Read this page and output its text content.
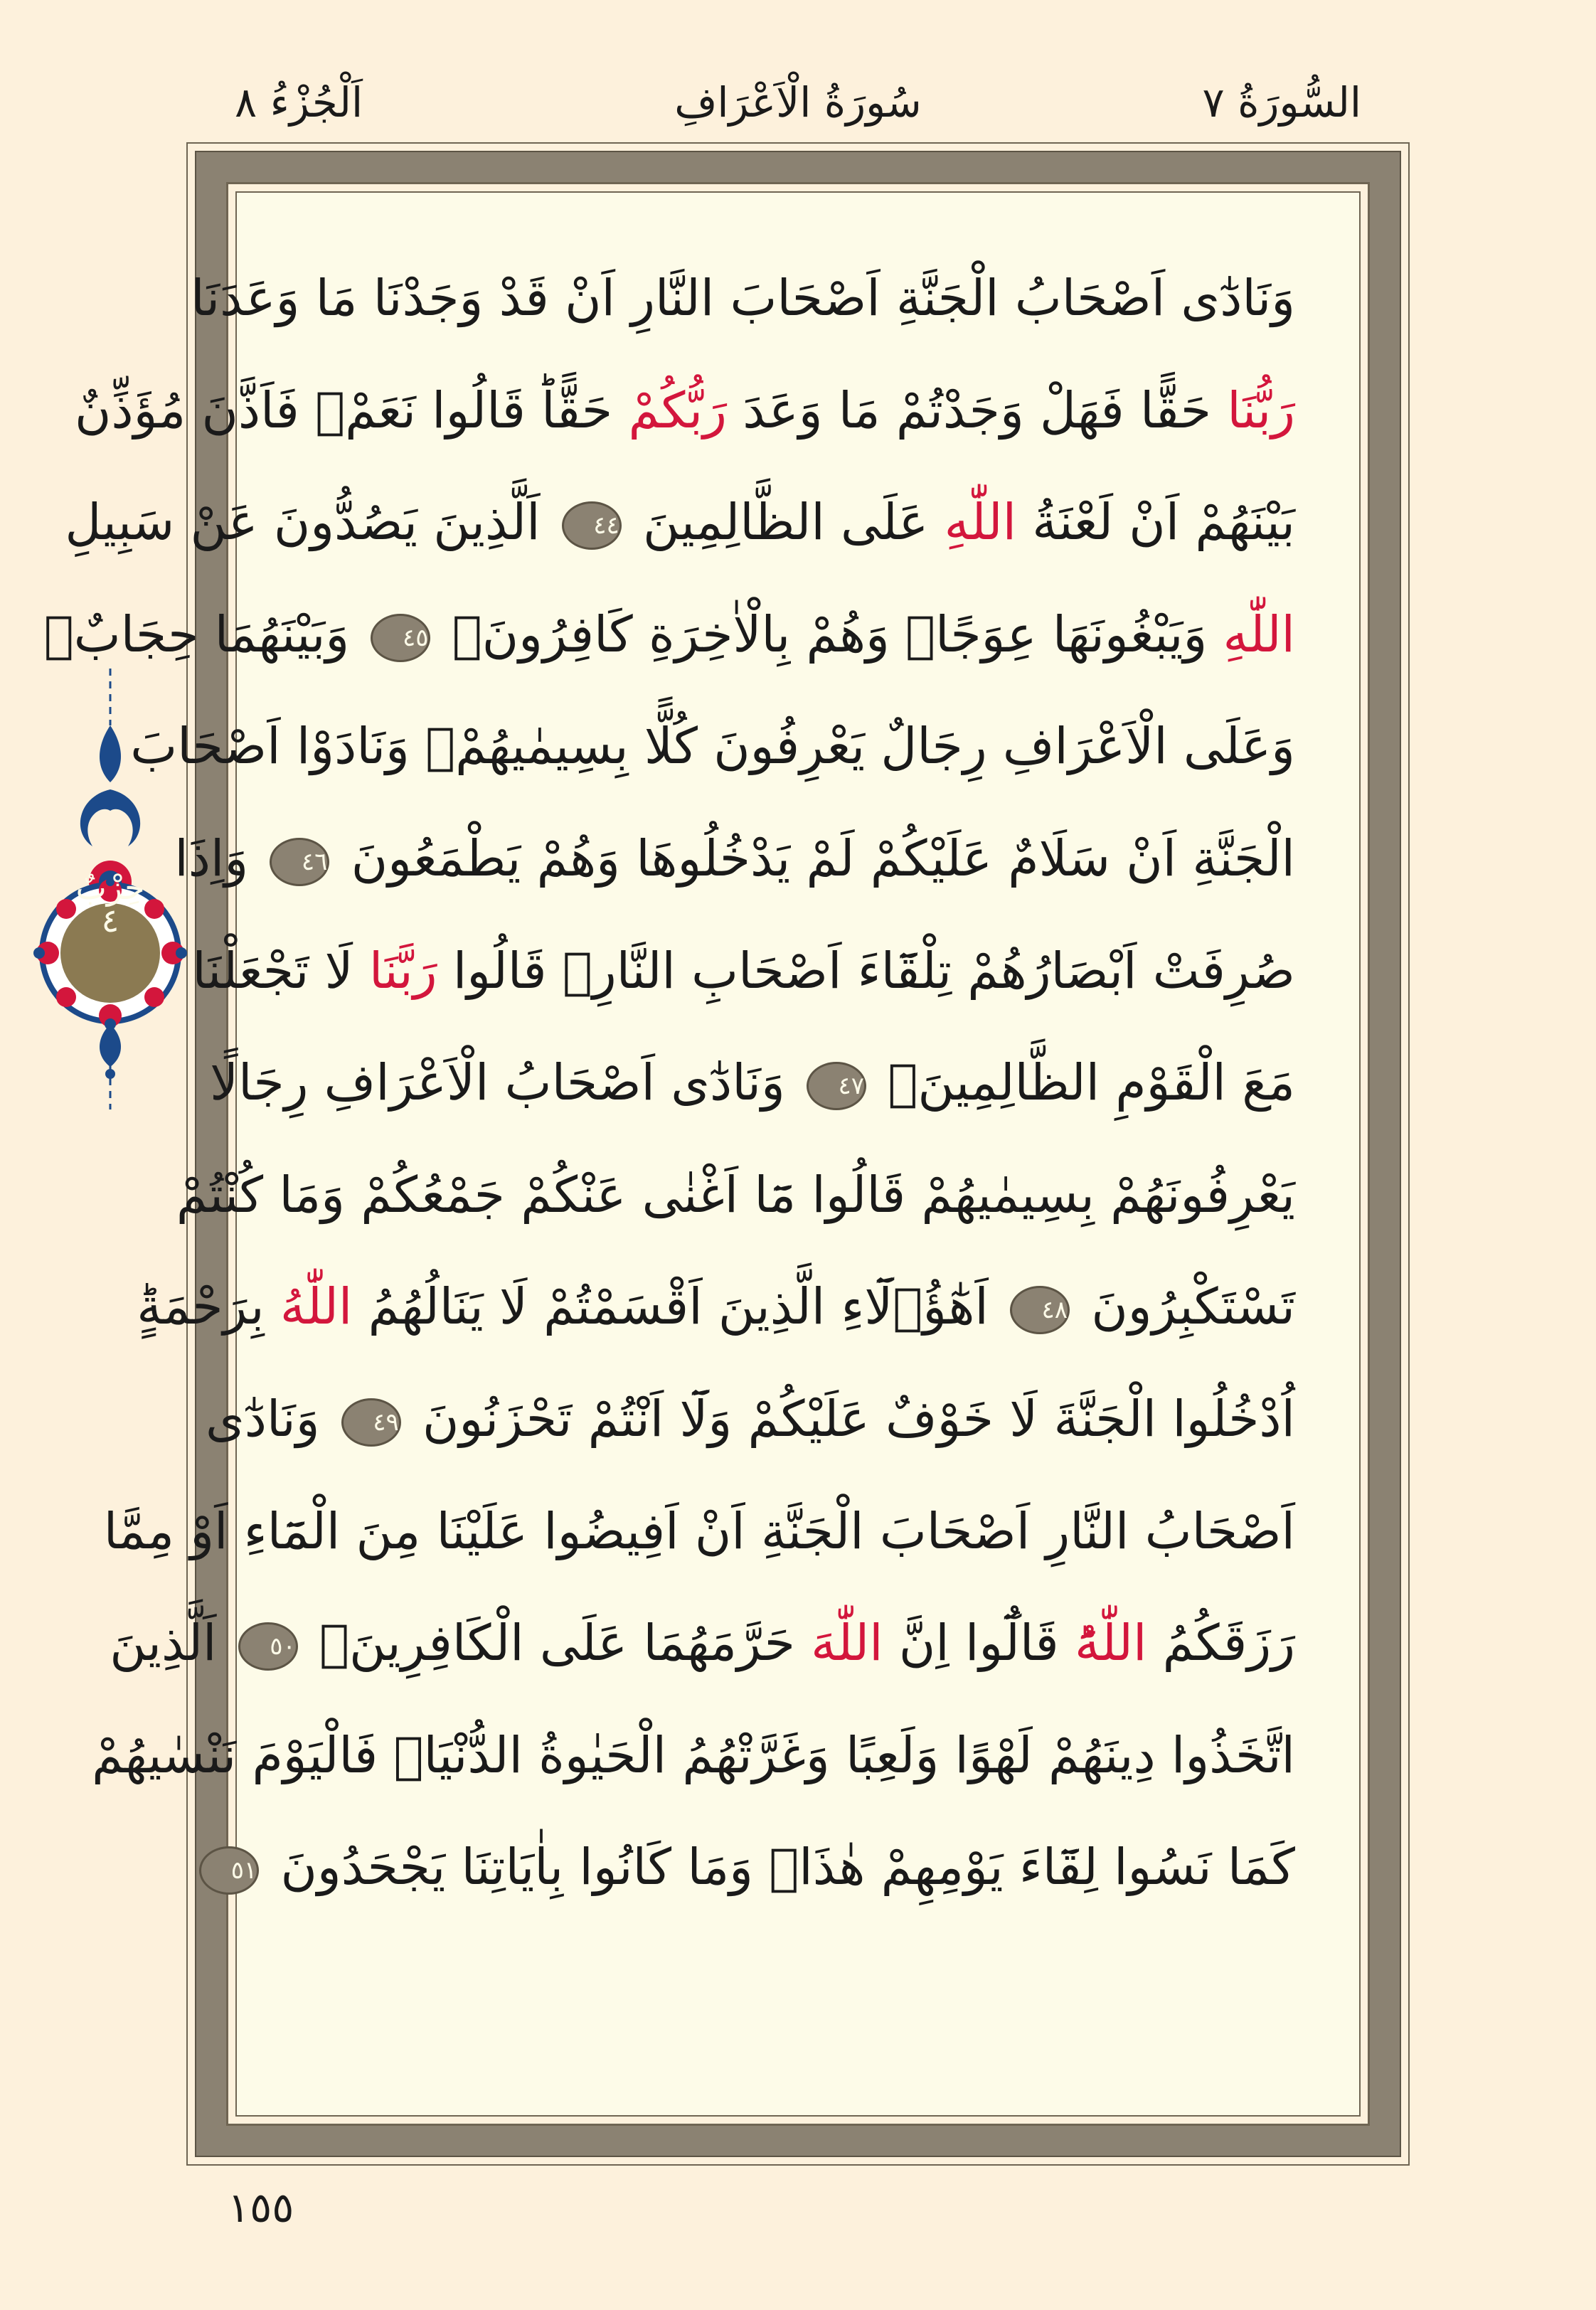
السُّورَةُ ٧
سُورَةُ الْاَعْرَافِ
اَلْجُزْءُ ٨
وَنَادٰٓى اَصْحَابُ الْجَنَّةِ اَصْحَابَ النَّارِ اَنْ قَدْ وَجَدْنَا مَا وَعَدَنَا
رَبُّنَا حَقًّا فَهَلْ وَجَدْتُمْ مَا وَعَدَ رَبُّكُمْ حَقًّاؕ قَالُوا نَعَمْۚ فَاَذَّنَ مُؤَذِّنٌ
بَيْنَهُمْ اَنْ لَعْنَةُ اللّٰهِ عَلَى الظَّالِمِينَ ٤٤ اَلَّذِينَ يَصُدُّونَ عَنْ سَبِيلِ
اللّٰهِ وَيَبْغُونَهَا عِوَجًاۚ وَهُمْ بِالْاٰخِرَةِ كَافِرُونَۢ ٤٥ وَبَيْنَهُمَا حِجَابٌۚ
وَعَلَى الْاَعْرَافِ رِجَالٌ يَعْرِفُونَ كُلًّا بِسِيمٰيهُمْۚ وَنَادَوْا اَصْحَابَ
الْجَنَّةِ اَنْ سَلَامٌ عَلَيْكُمْ لَمْ يَدْخُلُوهَا وَهُمْ يَطْمَعُونَ ٤٦ وَاِذَا
صُرِفَتْ اَبْصَارُهُمْ تِلْقَٓاءَ اَصْحَابِ النَّارِۙ قَالُوا رَبَّنَا لَا تَجْعَلْنَا
مَعَ الْقَوْمِ الظَّالِمِينَ۟ ٤٧ وَنَادٰٓى اَصْحَابُ الْاَعْرَافِ رِجَالًا
يَعْرِفُونَهُمْ بِسِيمٰيهُمْ قَالُوا مَٓا اَغْنٰى عَنْكُمْ جَمْعُكُمْ وَمَا كُنْتُمْ
تَسْتَكْبِرُونَ ٤٨ اَهٰٓؤُ۬لَٓاءِ الَّذِينَ اَقْسَمْتُمْ لَا يَنَالُهُمُ اللّٰهُ بِرَحْمَةٍؕ
اُدْخُلُوا الْجَنَّةَ لَا خَوْفٌ عَلَيْكُمْ وَلَٓا اَنْتُمْ تَحْزَنُونَ ٤٩ وَنَادٰٓى
اَصْحَابُ النَّارِ اَصْحَابَ الْجَنَّةِ اَنْ اَفِيضُوا عَلَيْنَا مِنَ الْمَٓاءِ اَوْ مِمَّا
رَزَقَكُمُ اللّٰهُؕ قَالُٓوا اِنَّ اللّٰهَ حَرَّمَهُمَا عَلَى الْكَافِرِينَۙ ٥٠ اَلَّذِينَ
اتَّخَذُوا دِينَهُمْ لَهْوًا وَلَعِبًا وَغَرَّتْهُمُ الْحَيٰوةُ الدُّنْيَاۚ فَالْيَوْمَ نَنْسٰيهُمْ
كَمَا نَسُوا لِقَٓاءَ يَوْمِهِمْ هٰذَاۙ وَمَا كَانُوا بِاٰيَاتِنَا يَجْحَدُونَ ٥١
حِزْبٌ
٤
١٥٥
